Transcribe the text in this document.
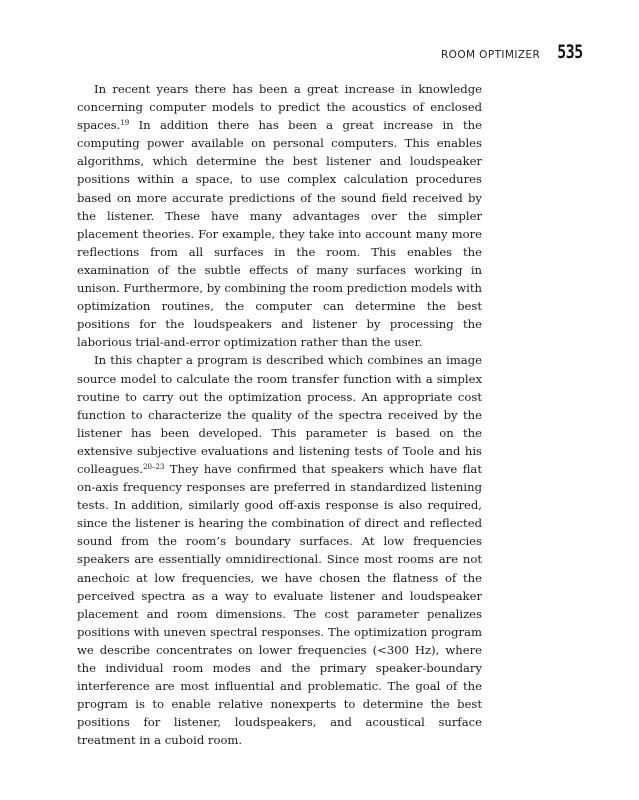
ROOM OPTIMIZER 535

In recent years there has been a great increase in knowledge concerning computer models to predict the acoustics of enclosed spaces.$^{19}$ In addition there has been a great increase in the computing power available on personal computers. This enables algorithms, which determine the best listener and loudspeaker positions within a space, to use complex calculation procedures based on more accurate predictions of the sound field received by the listener. These have many advantages over the simpler placement theories. For example, they take into account many more reflections from all surfaces in the room. This enables the examination of the subtle effects of many surfaces working in unison. Furthermore, by combining the room prediction models with optimization routines, the computer can determine the best positions for the loudspeakers and listener by processing the laborious trial-and-error optimization rather than the user.

In this chapter a program is described which combines an image source model to calculate the room transfer function with a simplex routine to carry out the optimization process. An appropriate cost function to characterize the quality of the spectra received by the listener has been developed. This parameter is based on the extensive subjective evaluations and listening tests of Toole and his colleagues.$^{20-23}$ They have confirmed that speakers which have flat on-axis frequency responses are preferred in standardized listening tests. In addition, similarly good off-axis response is also required, since the listener is hearing the combination of direct and reflected sound from the room’s boundary surfaces. At low frequencies speakers are essentially omnidirectional. Since most rooms are not anechoic at low frequencies, we have chosen the flatness of the perceived spectra as a way to evaluate listener and loudspeaker placement and room dimensions. The cost parameter penalizes positions with uneven spectral responses. The optimization program we describe concentrates on lower frequencies (<300 Hz), where the individual room modes and the primary speaker-boundary interference are most influential and problematic. The goal of the program is to enable relative nonexperts to determine the best positions for listener, loudspeakers, and acoustical surface treatment in a cuboid room.
